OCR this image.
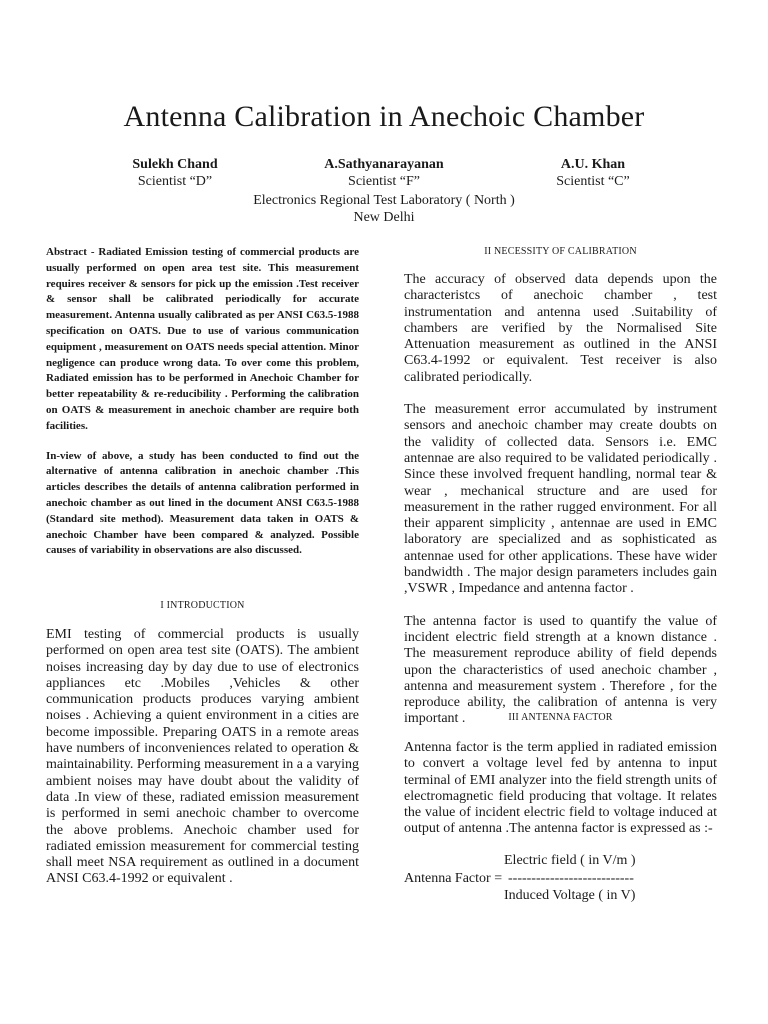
Antenna Calibration in Anechoic Chamber
Sulekh Chand
Scientist “D”
A.Sathyanarayanan
Scientist “F”
A.U. Khan
Scientist “C”
Electronics Regional Test Laboratory ( North )
New Delhi

Abstract - Radiated Emission testing of commercial products are usually performed on open area test site. This measurement requires receiver & sensors for pick up the emission .Test receiver & sensor shall be calibrated periodically for accurate measurement. Antenna usually calibrated as per ANSI C63.5-1988 specification on OATS. Due to use of various communication equipment , measurement on OATS needs special attention. Minor negligence can produce wrong data. To over come this problem, Radiated emission has to be performed in Anechoic Chamber for better repeatability & re-reducibility . Performing the calibration on OATS & measurement in anechoic chamber are require both facilities.

In-view of above, a study has been conducted to find out the alternative of antenna calibration in anechoic chamber .This articles describes the details of antenna calibration performed in anechoic chamber as out lined in the document ANSI C63.5-1988 (Standard site method). Measurement data taken in OATS & anechoic Chamber have been compared & analyzed. Possible causes of variability in observations are also discussed.

I INTRODUCTION

EMI testing of commercial products is usually performed on open area test site (OATS). The ambient noises increasing day by day due to use of electronics appliances etc .Mobiles ,Vehicles & other communication products produces varying ambient noises . Achieving a quient environment in a cities are become impossible. Preparing OATS in a remote areas have numbers of inconveniences related to operation & maintainability. Performing measurement in a a varying ambient noises may have doubt about the validity of data .In view of these, radiated emission measurement is performed in semi anechoic chamber to overcome the above problems. Anechoic chamber used for radiated emission measurement for commercial testing shall meet NSA requirement as outlined in a document ANSI C63.4-1992 or equivalent .

II NECESSITY OF CALIBRATION

The accuracy of observed data depends upon the characteristcs of anechoic chamber , test instrumentation and antenna used .Suitability of chambers are verified by the Normalised Site Attenuation measurement as outlined in the ANSI C63.4-1992 or equivalent. Test receiver is also calibrated periodically.

The measurement error accumulated by instrument sensors and anechoic chamber may create doubts on the validity of collected data. Sensors i.e. EMC antennae are also required to be validated periodically . Since these involved frequent handling, normal tear & wear , mechanical structure and are used for measurement in the rather rugged environment. For all their apparent simplicity , antennae are used in EMC laboratory are specialized and as sophisticated as antennae used for other applications. These have wider bandwidth . The major design parameters includes gain ,VSWR , Impedance and antenna factor .

The antenna factor is used to quantify the value of incident electric field strength at a known distance . The measurement reproduce ability of field depends upon the characteristics of used anechoic chamber , antenna and measurement system . Therefore , for the reproduce ability, the calibration of antenna is very important .	III ANTENNA FACTOR

Antenna factor is the term applied in radiated emission to convert a voltage level fed by antenna to input terminal of EMI analyzer into the field strength units of electromagnetic field producing that voltage. It relates the value of incident electric field to voltage induced at output of antenna .The antenna factor is expressed as :-

Electric field ( in V/m )
Antenna Factor = ---------------------------
Induced Voltage ( in V)
